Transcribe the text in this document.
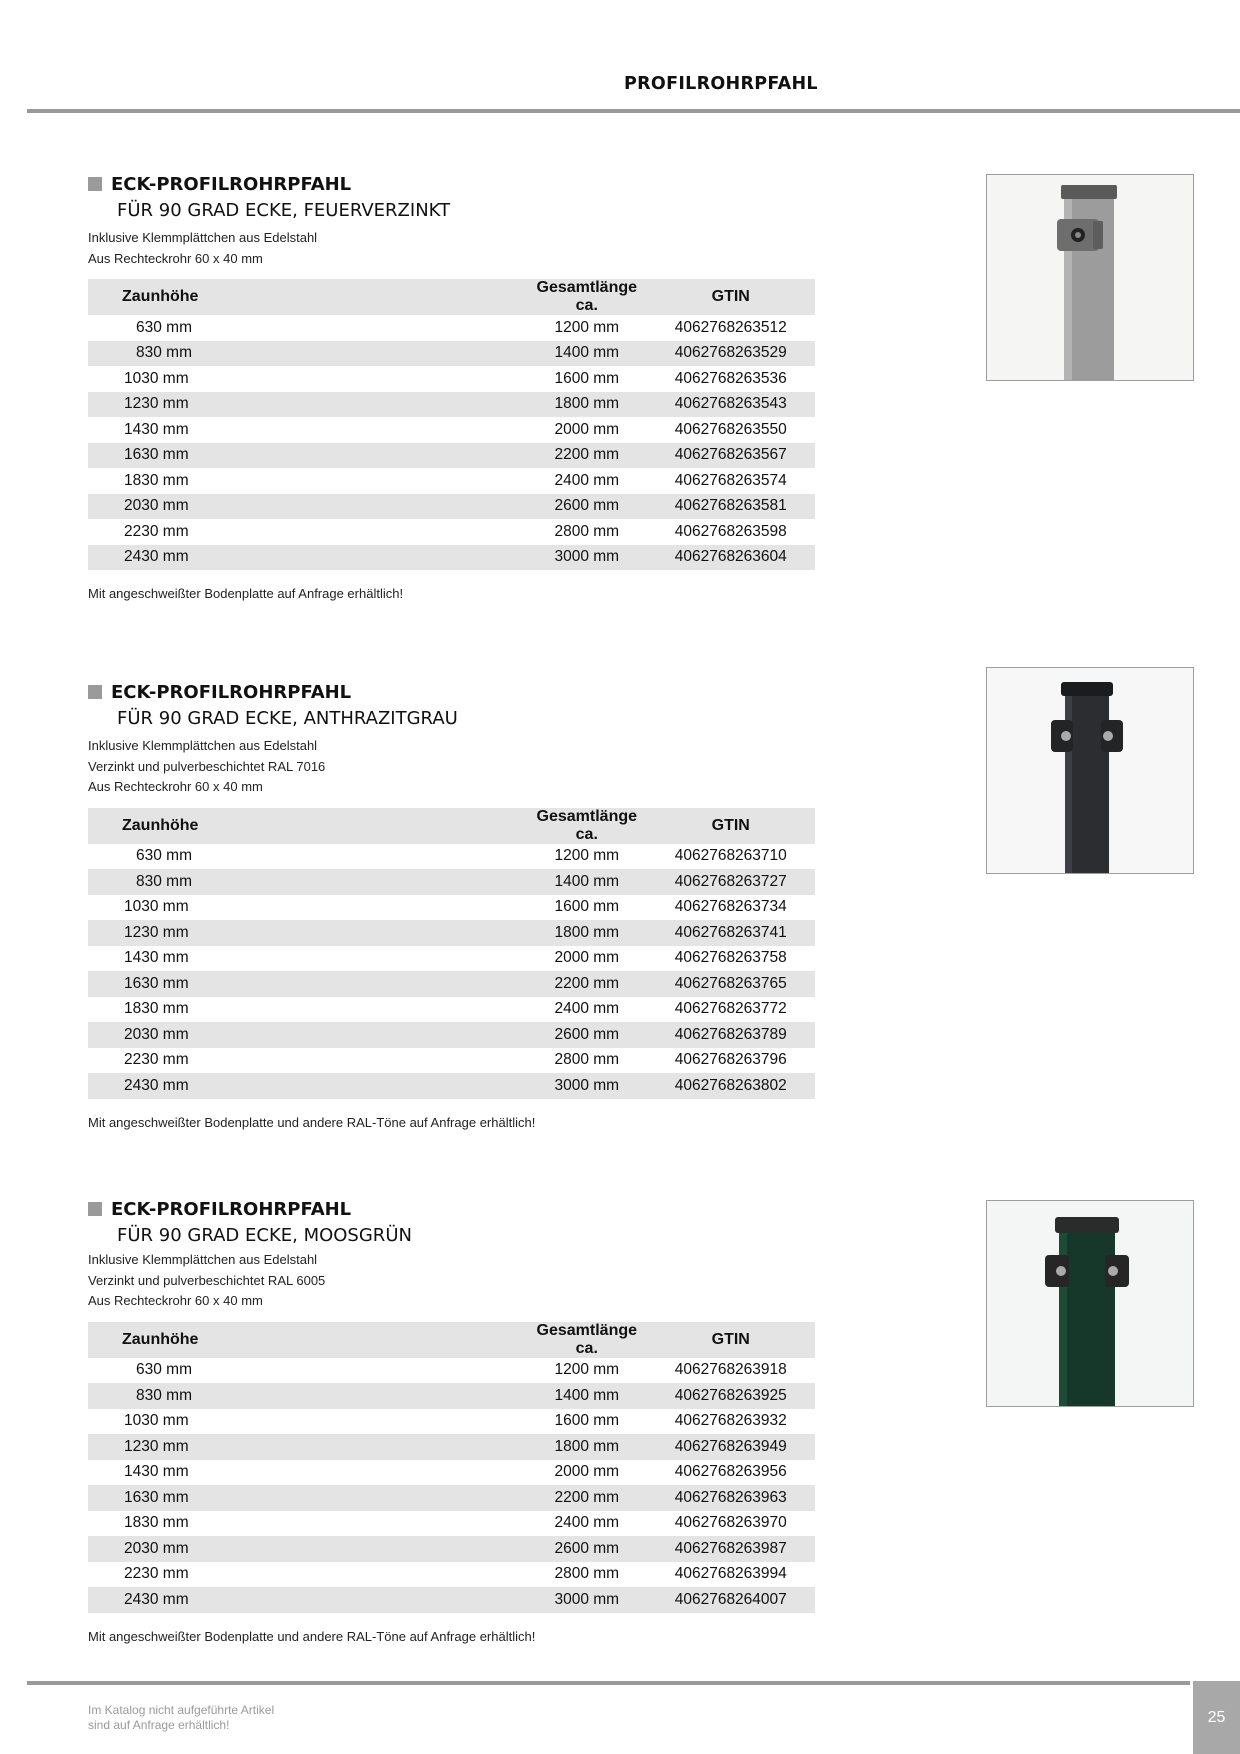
PROFILROHRPFAHL
ECK-PROFILROHRPFAHL
FÜR 90 GRAD ECKE, FEUERVERZINKT
Inklusive Klemmplättchen aus Edelstahl
Aus Rechteckrohr 60 x 40 mm
Zaunhöhe	Gesamtlänge ca.	GTIN
630 mm	1200 mm	4062768263512
830 mm	1400 mm	4062768263529
1030 mm	1600 mm	4062768263536
1230 mm	1800 mm	4062768263543
1430 mm	2000 mm	4062768263550
1630 mm	2200 mm	4062768263567
1830 mm	2400 mm	4062768263574
2030 mm	2600 mm	4062768263581
2230 mm	2800 mm	4062768263598
2430 mm	3000 mm	4062768263604
Mit angeschweißter Bodenplatte auf Anfrage erhältlich!
ECK-PROFILROHRPFAHL
FÜR 90 GRAD ECKE, ANTHRAZITGRAU
Inklusive Klemmplättchen aus Edelstahl
Verzinkt und pulverbeschichtet RAL 7016
Aus Rechteckrohr 60 x 40 mm
Zaunhöhe	Gesamtlänge ca.	GTIN
630 mm	1200 mm	4062768263710
830 mm	1400 mm	4062768263727
1030 mm	1600 mm	4062768263734
1230 mm	1800 mm	4062768263741
1430 mm	2000 mm	4062768263758
1630 mm	2200 mm	4062768263765
1830 mm	2400 mm	4062768263772
2030 mm	2600 mm	4062768263789
2230 mm	2800 mm	4062768263796
2430 mm	3000 mm	4062768263802
Mit angeschweißter Bodenplatte und andere RAL-Töne auf Anfrage erhältlich!
ECK-PROFILROHRPFAHL
FÜR 90 GRAD ECKE, MOOSGRÜN
Inklusive Klemmplättchen aus Edelstahl
Verzinkt und pulverbeschichtet RAL 6005
Aus Rechteckrohr 60 x 40 mm
Zaunhöhe	Gesamtlänge ca.	GTIN
630 mm	1200 mm	4062768263918
830 mm	1400 mm	4062768263925
1030 mm	1600 mm	4062768263932
1230 mm	1800 mm	4062768263949
1430 mm	2000 mm	4062768263956
1630 mm	2200 mm	4062768263963
1830 mm	2400 mm	4062768263970
2030 mm	2600 mm	4062768263987
2230 mm	2800 mm	4062768263994
2430 mm	3000 mm	4062768264007
Mit angeschweißter Bodenplatte und andere RAL-Töne auf Anfrage erhältlich!
Im Katalog nicht aufgeführte Artikel
sind auf Anfrage erhältlich!	25
